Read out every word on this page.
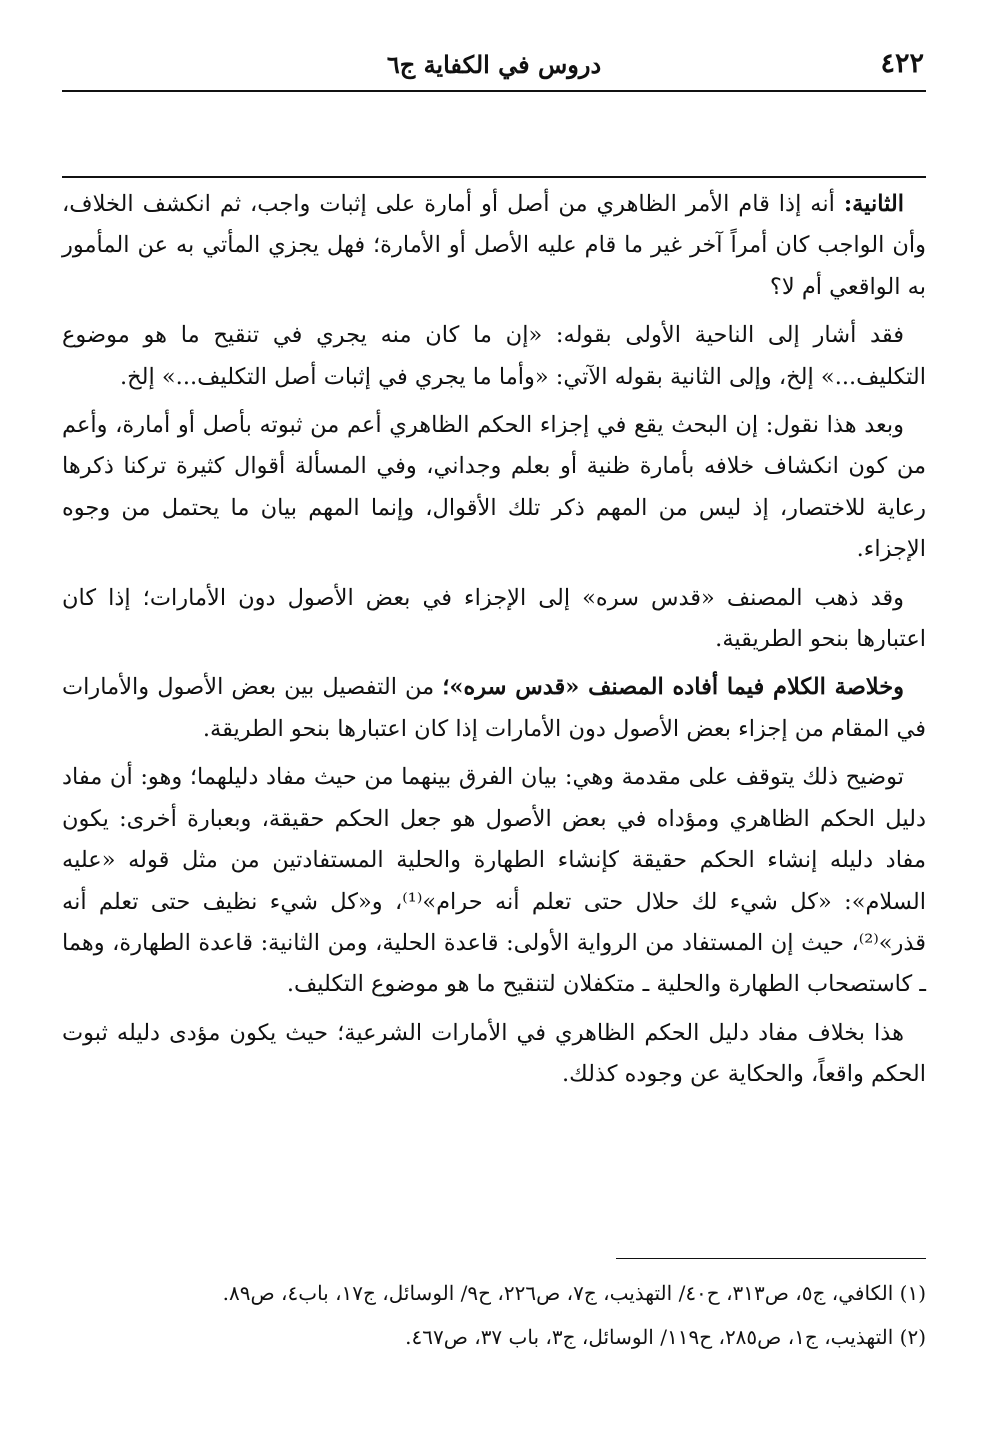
٤٢٢
دروس في الكفاية ج٦

الثانية: أنه إذا قام الأمر الظاهري من أصل أو أمارة على إثبات واجب، ثم انكشف الخلاف، وأن الواجب كان أمراً آخر غير ما قام عليه الأصل أو الأمارة؛ فهل يجزي المأتي به عن المأمور به الواقعي أم لا؟

فقد أشار إلى الناحية الأولى بقوله: «إن ما كان منه يجري في تنقيح ما هو موضوع التكليف...» إلخ، وإلى الثانية بقوله الآتي: «وأما ما يجري في إثبات أصل التكليف...» إلخ.

وبعد هذا نقول: إن البحث يقع في إجزاء الحكم الظاهري أعم من ثبوته بأصل أو أمارة، وأعم من كون انكشاف خلافه بأمارة ظنية أو بعلم وجداني، وفي المسألة أقوال كثيرة تركنا ذكرها رعاية للاختصار، إذ ليس من المهم ذكر تلك الأقوال، وإنما المهم بيان ما يحتمل من وجوه الإجزاء.

وقد ذهب المصنف «قدس سره» إلى الإجزاء في بعض الأصول دون الأمارات؛ إذا كان اعتبارها بنحو الطريقية.

وخلاصة الكلام فيما أفاده المصنف «قدس سره»؛ من التفصيل بين بعض الأصول والأمارات في المقام من إجزاء بعض الأصول دون الأمارات إذا كان اعتبارها بنحو الطريقة.

توضيح ذلك يتوقف على مقدمة وهي: بيان الفرق بينهما من حيث مفاد دليلهما؛ وهو: أن مفاد دليل الحكم الظاهري ومؤداه في بعض الأصول هو جعل الحكم حقيقة، وبعبارة أخرى: يكون مفاد دليله إنشاء الحكم حقيقة كإنشاء الطهارة والحلية المستفادتين من مثل قوله «عليه السلام»: «كل شيء لك حلال حتى تعلم أنه حرام»⁽¹⁾، و«كل شيء نظيف حتى تعلم أنه قذر»⁽²⁾، حيث إن المستفاد من الرواية الأولى: قاعدة الحلية، ومن الثانية: قاعدة الطهارة، وهما ـ كاستصحاب الطهارة والحلية ـ متكفلان لتنقيح ما هو موضوع التكليف.

هذا بخلاف مفاد دليل الحكم الظاهري في الأمارات الشرعية؛ حيث يكون مؤدى دليله ثبوت الحكم واقعاً، والحكاية عن وجوده كذلك.

(١) الكافي، ج٥، ص٣١٣، ح٤٠/ التهذيب، ج٧، ص٢٢٦، ح٩/ الوسائل، ج١٧، باب٤، ص٨٩.

(٢) التهذيب، ج١، ص٢٨٥، ح١١٩/ الوسائل، ج٣، باب ٣٧، ص٤٦٧.
